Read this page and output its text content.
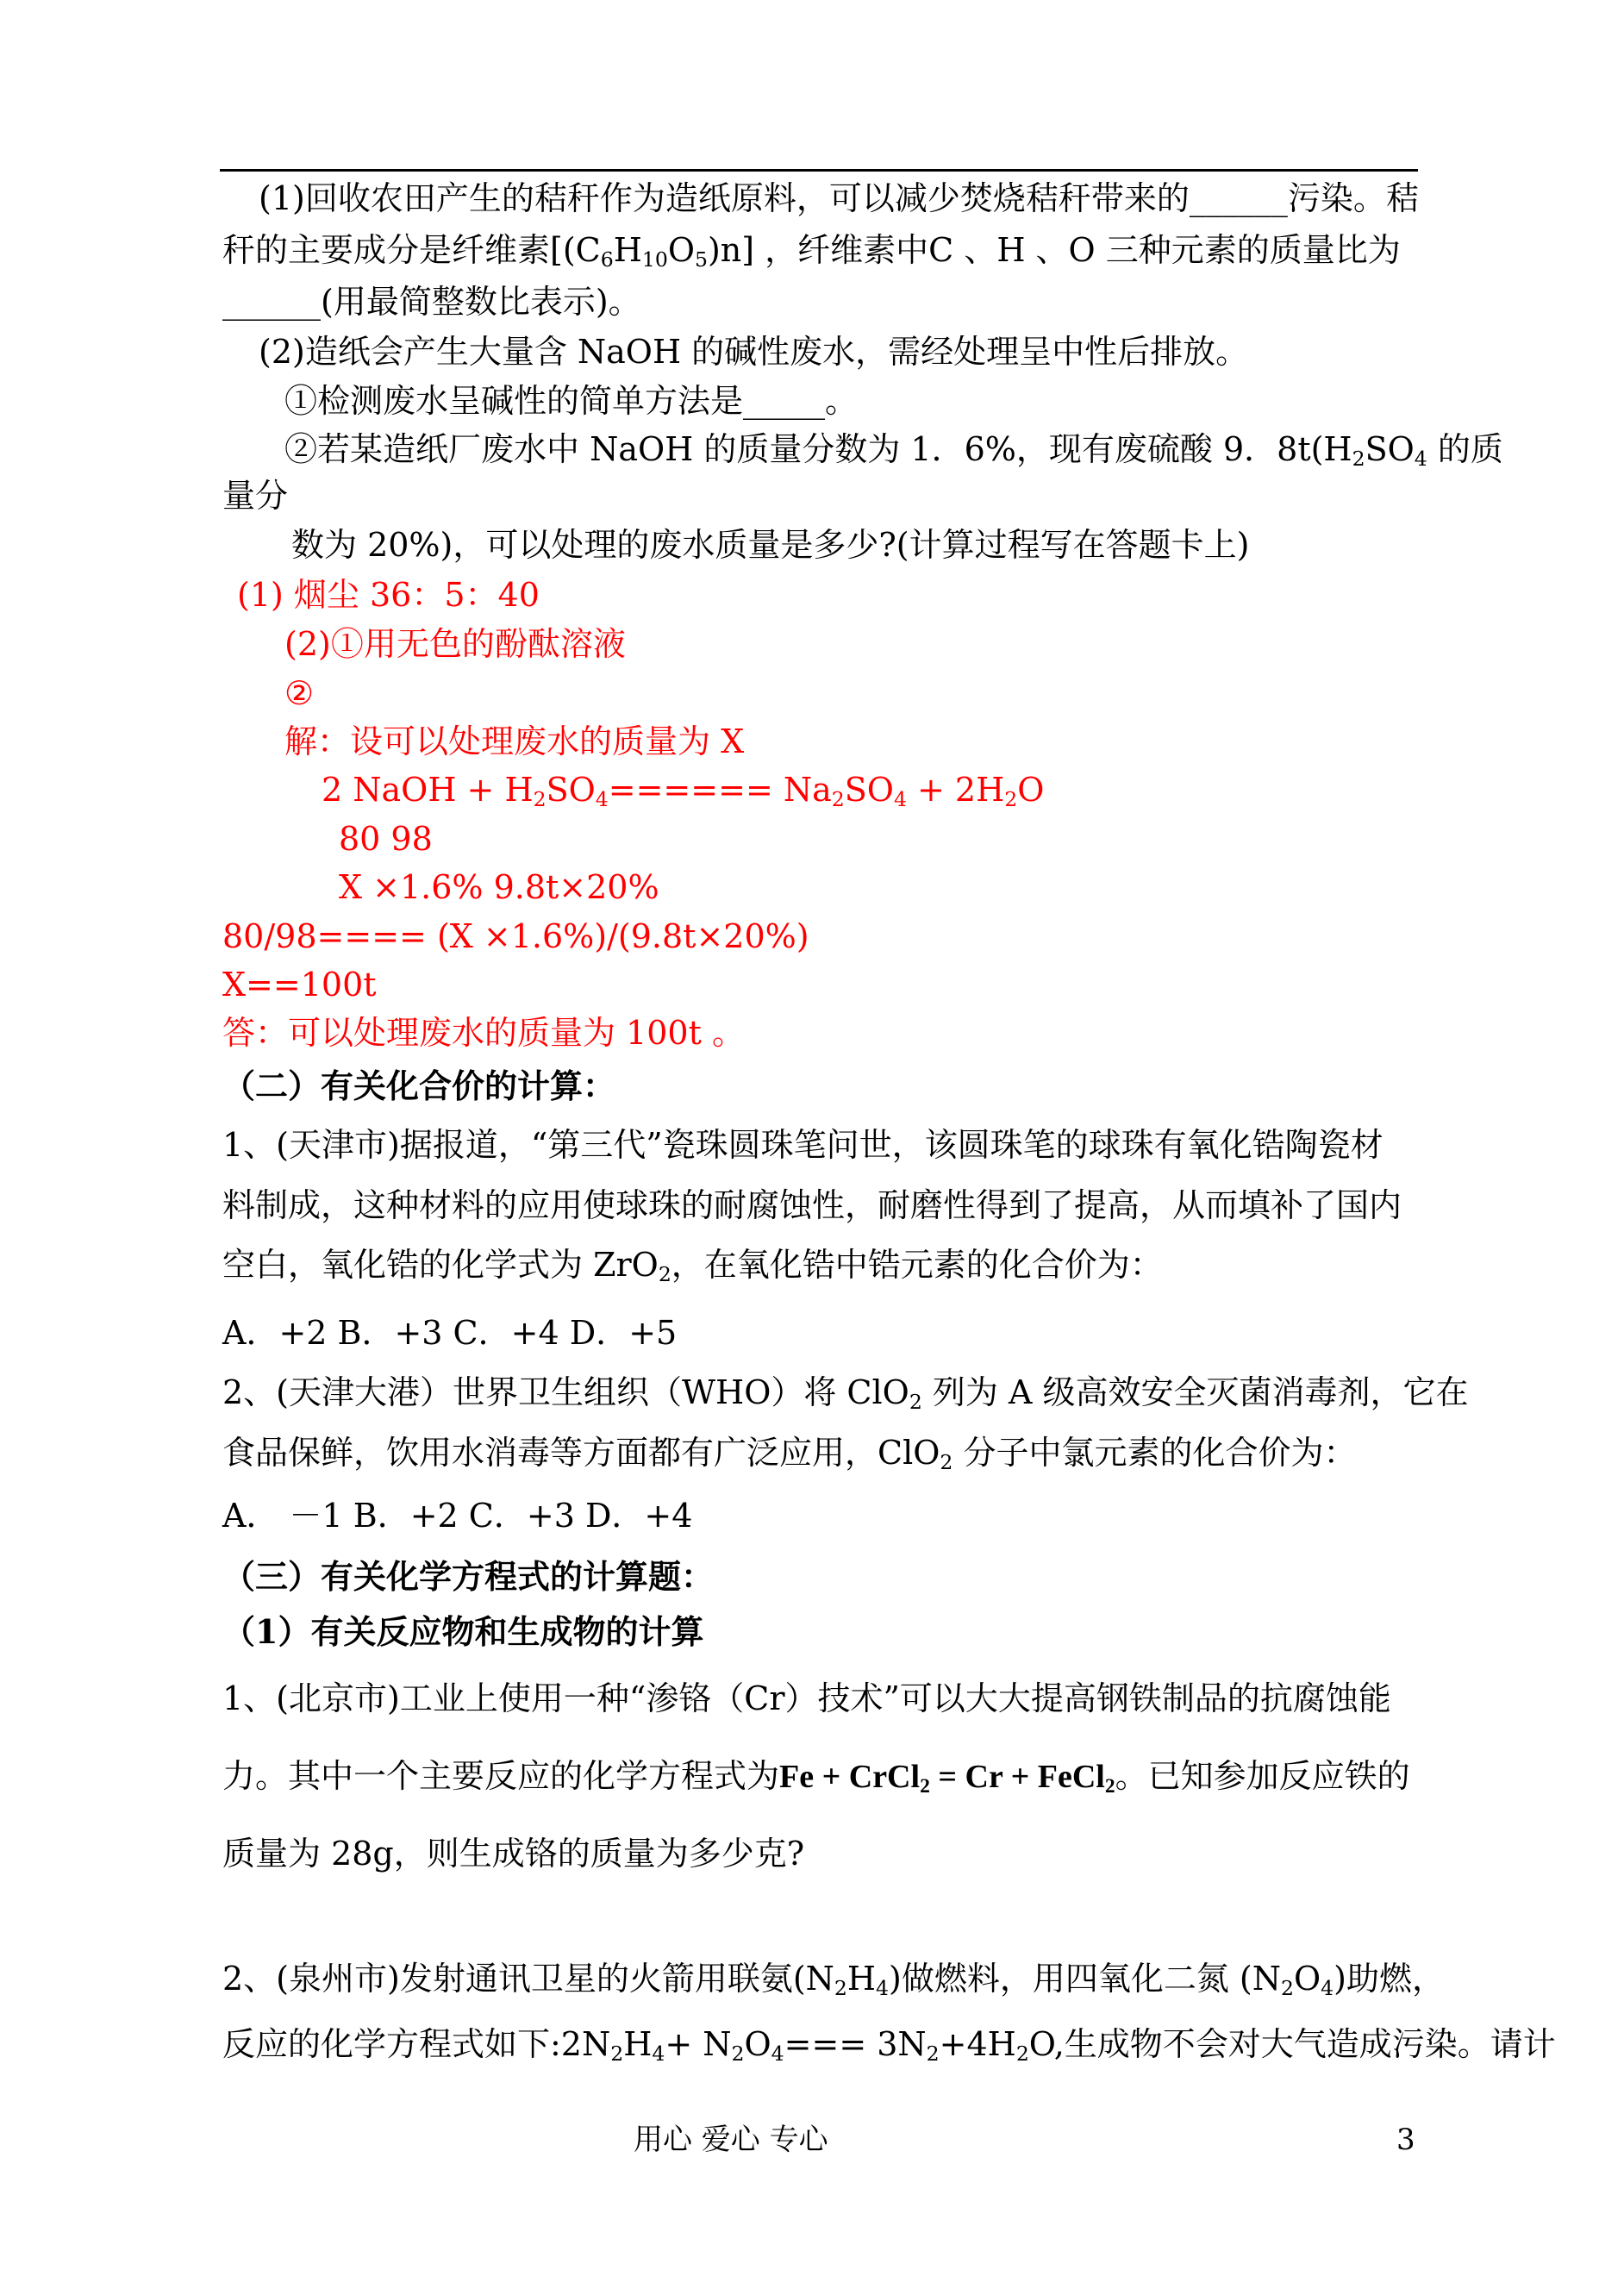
(1)回收农田产生的秸秆作为造纸原料，可以减少焚烧秸秆带来的______污染。秸
秆的主要成分是纤维素$[(C_6H_{10}O_5)n]$ ，纤维素中C 、H 、O 三种元素的质量比为
______(用最简整数比表示)。
(2)造纸会产生大量含 NaOH 的碱性废水，需经处理呈中性后排放。
①检测废水呈碱性的简单方法是_____。
②若某造纸厂废水中 NaOH 的质量分数为 1．6%，现有废硫酸 9．$8t(H_2SO_4$ 的质
量分
数为 20%)，可以处理的废水质量是多少?(计算过程写在答题卡上)
(1) 烟尘 36：5：40
(2)①用无色的酚酞溶液
②
解：设可以处理废水的质量为 X
2 NaOH + $H_2SO_4====== Na_2SO_4 + 2H_2O$
80 98
X ×1.6% 9.8t×20%
80/98==== (X ×1.6%)/(9.8t×20%)
X==100t
答：可以处理废水的质量为 100t 。
（二）有关化合价的计算：
1、(天津市)据报道，“第三代”瓷珠圆珠笔问世，该圆珠笔的球珠有氧化锆陶瓷材
料制成，这种材料的应用使球珠的耐腐蚀性，耐磨性得到了提高，从而填补了国内
空白，氧化锆的化学式为 ZrO$_2$，在氧化锆中锆元素的化合价为：
A．+2 B．+3 C．+4 D．+5
2、(天津大港）世界卫生组织（WHO）将 ClO$_2$ 列为 A 级高效安全灭菌消毒剂，它在
食品保鲜，饮用水消毒等方面都有广泛应用，ClO$_2$ 分子中氯元素的化合价为：
A． －1 B．+2 C．+3 D．+4
（三）有关化学方程式的计算题：
（1）有关反应物和生成物的计算
1、(北京市)工业上使用一种“渗铬（Cr）技术”可以大大提高钢铁制品的抗腐蚀能
力。其中一个主要反应的化学方程式为Fe + CrCl$_2$ = Cr + FeCl$_2$。已知参加反应铁的
质量为 28g，则生成铬的质量为多少克?
2、(泉州市)发射通讯卫星的火箭用联氨$(N_2H_4)$做燃料，用四氧化二氮 $(N_2O_4)$助燃，
反应的化学方程式如下$:2N_2H_4+ N_2O_4=== 3N_2+4H_2O$,生成物不会对大气造成污染。请计
用心 爱心 专心	3
